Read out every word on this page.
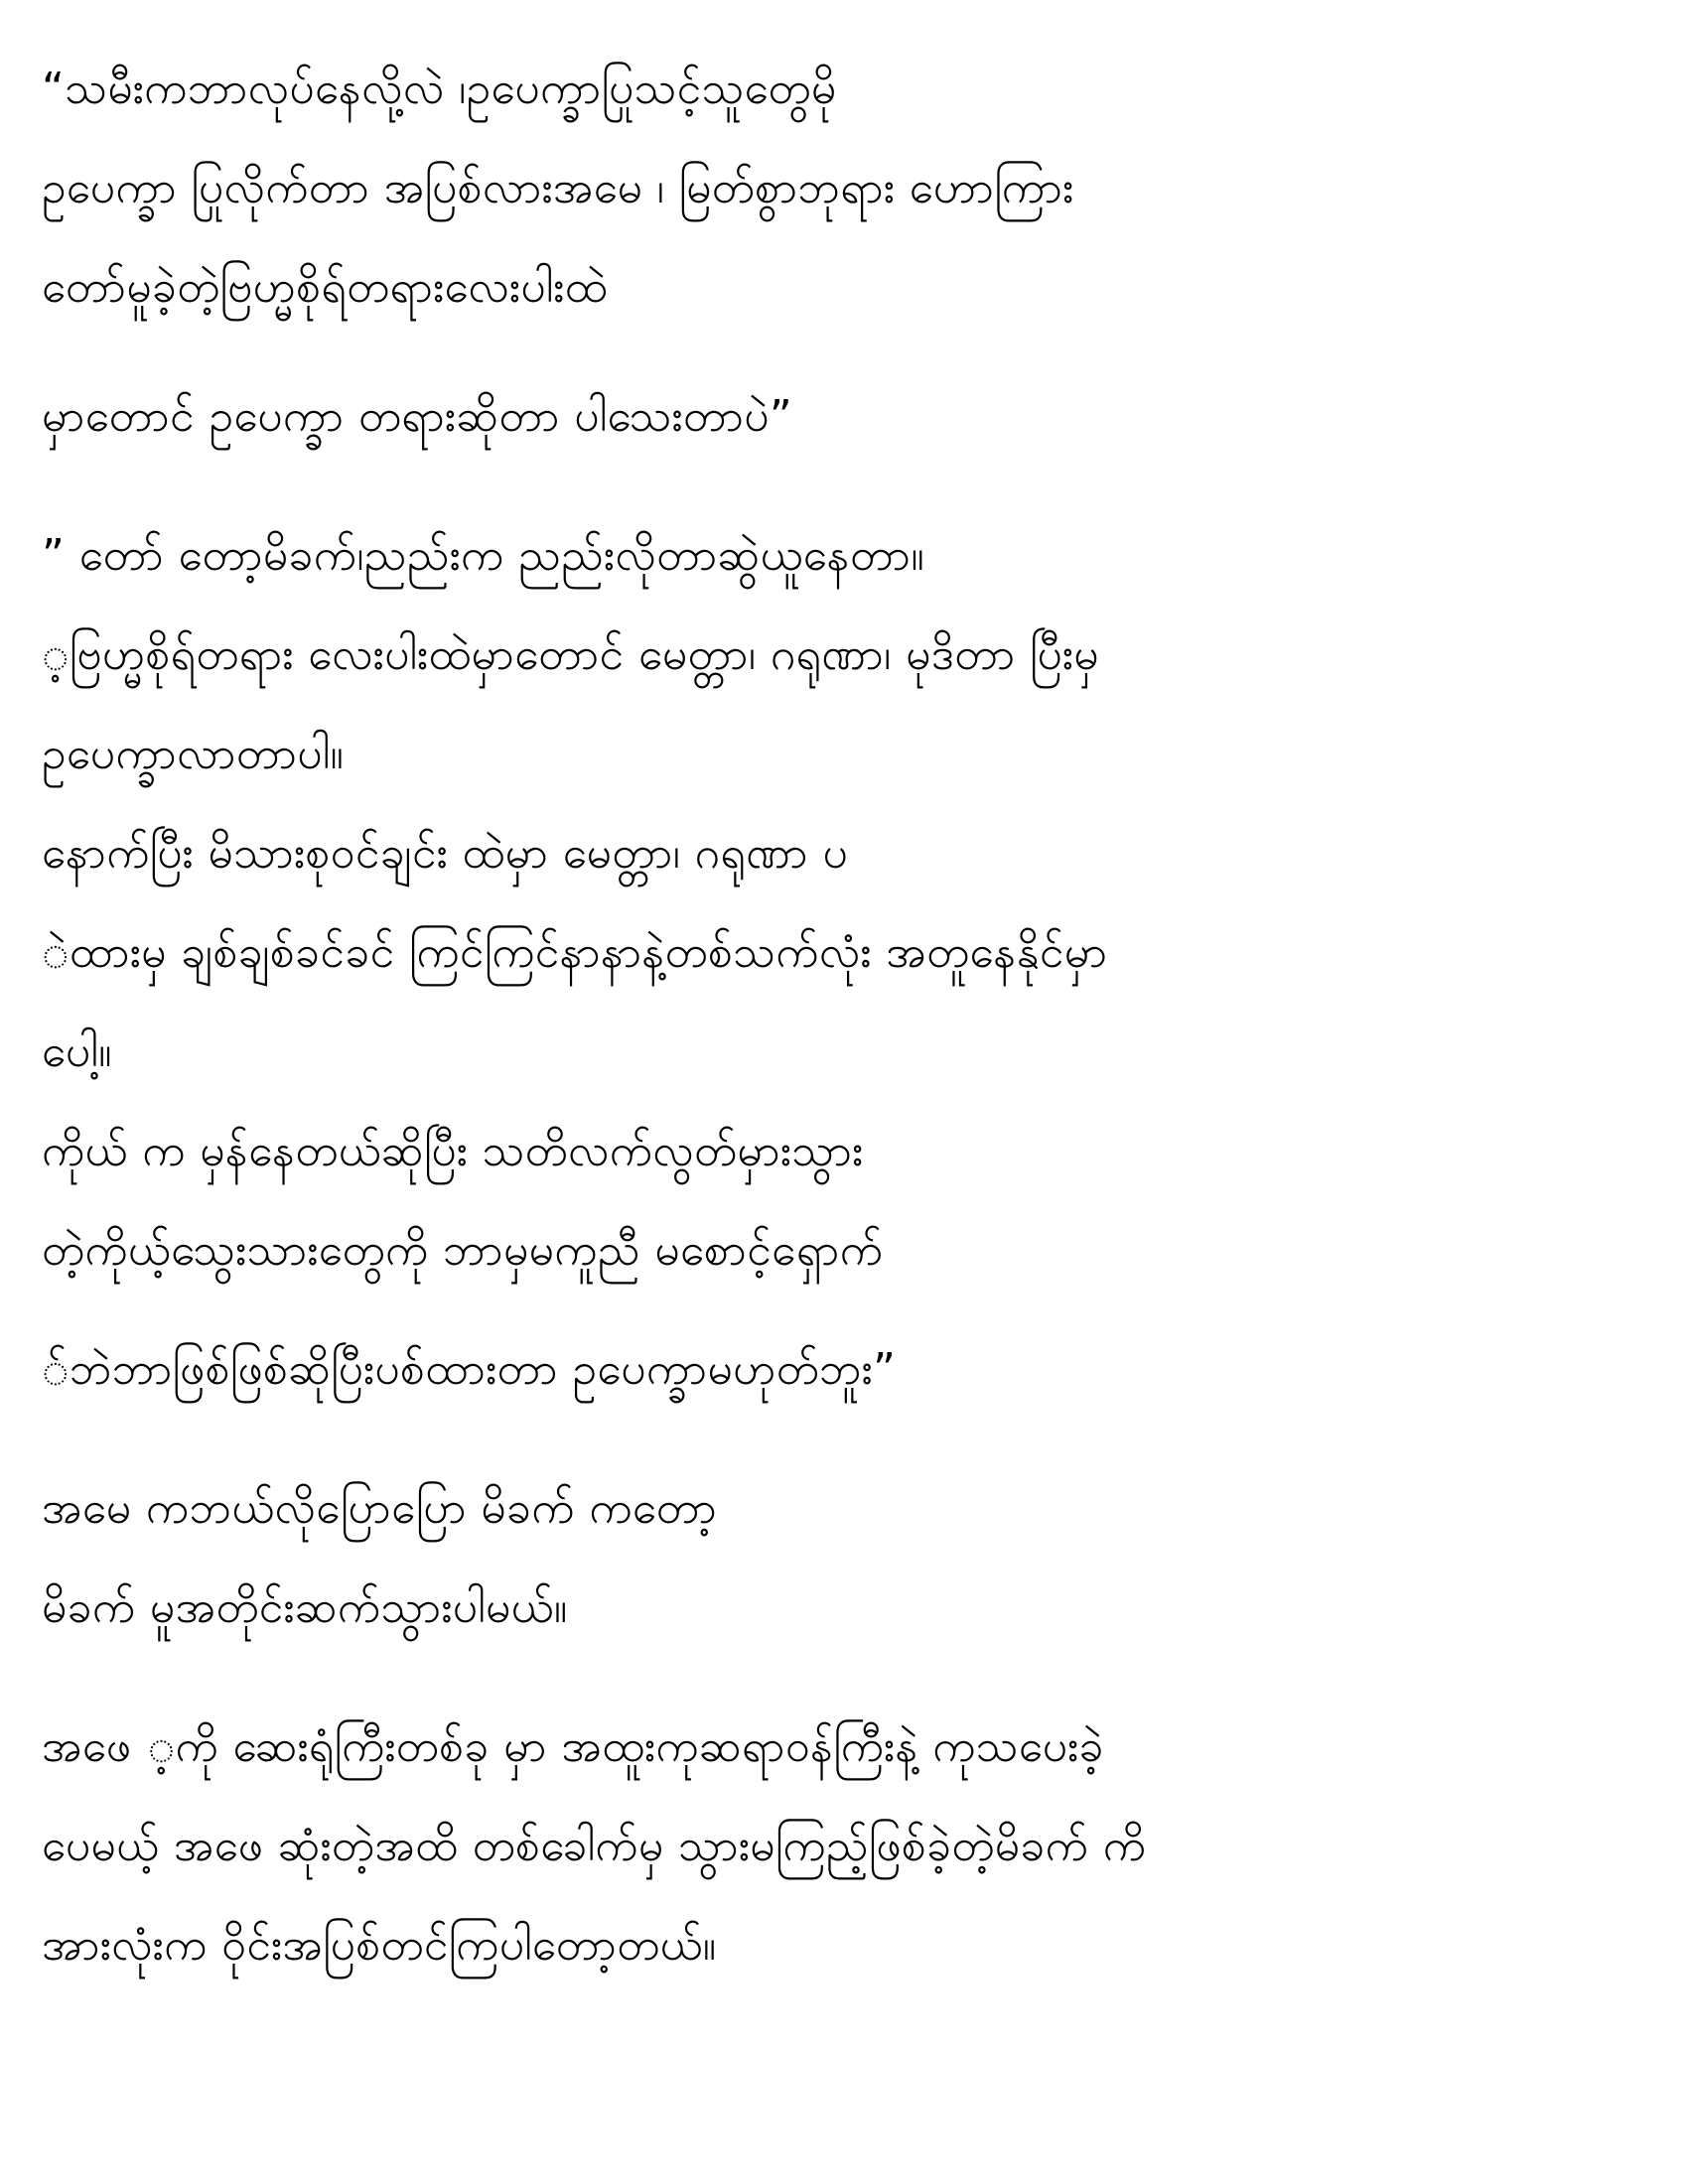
“သမီးကဘာလုပ်နေလို့လဲ ၊ဥပေက္ခာပြုသင့်သူတွေမို
ဥပေက္ခာ ပြုလိုက်တာ အပြစ်လားအမေ ၊ မြတ်စွာဘုရား ဟောကြား
တော်မူခဲ့တဲ့ဗြဟ္မစိုရ်တရားလေးပါးထဲ
မှာတောင် ဥပေက္ခာ တရားဆိုတာ ပါသေးတာပဲ”
” တော် တော့မိခက်၊ညည်းက ညည်းလိုတာဆွဲယူနေတာ။
့ဗြဟ္မစိုရ်တရား လေးပါးထဲမှာတောင် မေတ္တာ၊ ဂရုဏာ၊ မုဒိတာ ပြီးမှ
ဥပေက္ခာလာတာပါ။
နောက်ပြီး မိသားစုဝင်ချင်း ထဲမှာ မေတ္တာ၊ ဂရုဏာ ပ
ဲထားမှ ချစ်ချစ်ခင်ခင် ကြင်ကြင်နာနာနဲ့တစ်သက်လုံး အတူနေနိုင်မှာ
ပေါ့။
ကိုယ် က မှန်နေတယ်ဆိုပြီး သတိလက်လွတ်မှားသွား
တဲ့ကိုယ့်သွေးသားတွေကို ဘာမှမကူညီ မစောင့်ရှောက်
်ဘဲဘာဖြစ်ဖြစ်ဆိုပြီးပစ်ထားတာ ဥပေက္ခာမဟုတ်ဘူး”
အမေ ကဘယ်လိုပြောပြော မိခက် ကတော့
မိခက် မူအတိုင်းဆက်သွားပါမယ်။
အဖေ ့ကို ဆေးရုံကြီးတစ်ခု မှာ အထူးကုဆရာဝန်ကြီးနဲ့ ကုသပေးခဲ့
ပေမယ့် အဖေ ဆုံးတဲ့အထိ တစ်ခေါက်မှ သွားမကြည့်ဖြစ်ခဲ့တဲ့မိခက် ကိ
အားလုံးက ဝိုင်းအပြစ်တင်ကြပါတော့တယ်။
